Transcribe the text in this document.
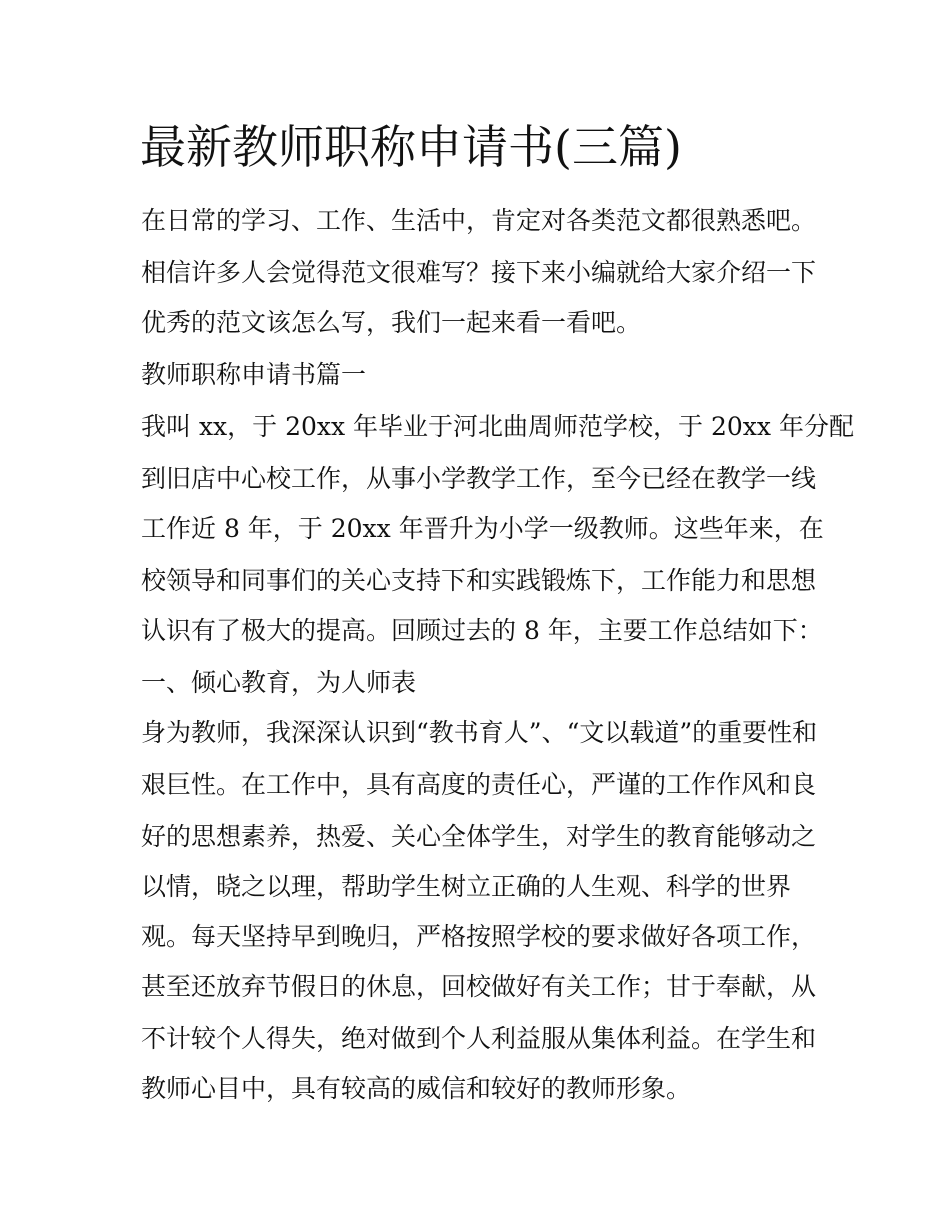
最新教师职称申请书(三篇)

在日常的学习、工作、生活中，肯定对各类范文都很熟悉吧。

相信许多人会觉得范文很难写？接下来小编就给大家介绍一下

优秀的范文该怎么写，我们一起来看一看吧。

教师职称申请书篇一

我叫 xx，于 20xx 年毕业于河北曲周师范学校，于 20xx 年分配

到旧店中心校工作，从事小学教学工作，至今已经在教学一线

工作近 8 年，于 20xx 年晋升为小学一级教师。这些年来，在

校领导和同事们的关心支持下和实践锻炼下，工作能力和思想

认识有了极大的提高。回顾过去的 8 年，主要工作总结如下：

一、倾心教育，为人师表

身为教师，我深深认识到“教书育人”、“文以载道”的重要性和

艰巨性。在工作中，具有高度的责任心，严谨的工作作风和良

好的思想素养，热爱、关心全体学生，对学生的教育能够动之

以情，晓之以理，帮助学生树立正确的人生观、科学的世界

观。每天坚持早到晚归，严格按照学校的要求做好各项工作，

甚至还放弃节假日的休息，回校做好有关工作；甘于奉献，从

不计较个人得失，绝对做到个人利益服从集体利益。在学生和

教师心目中，具有较高的威信和较好的教师形象。
